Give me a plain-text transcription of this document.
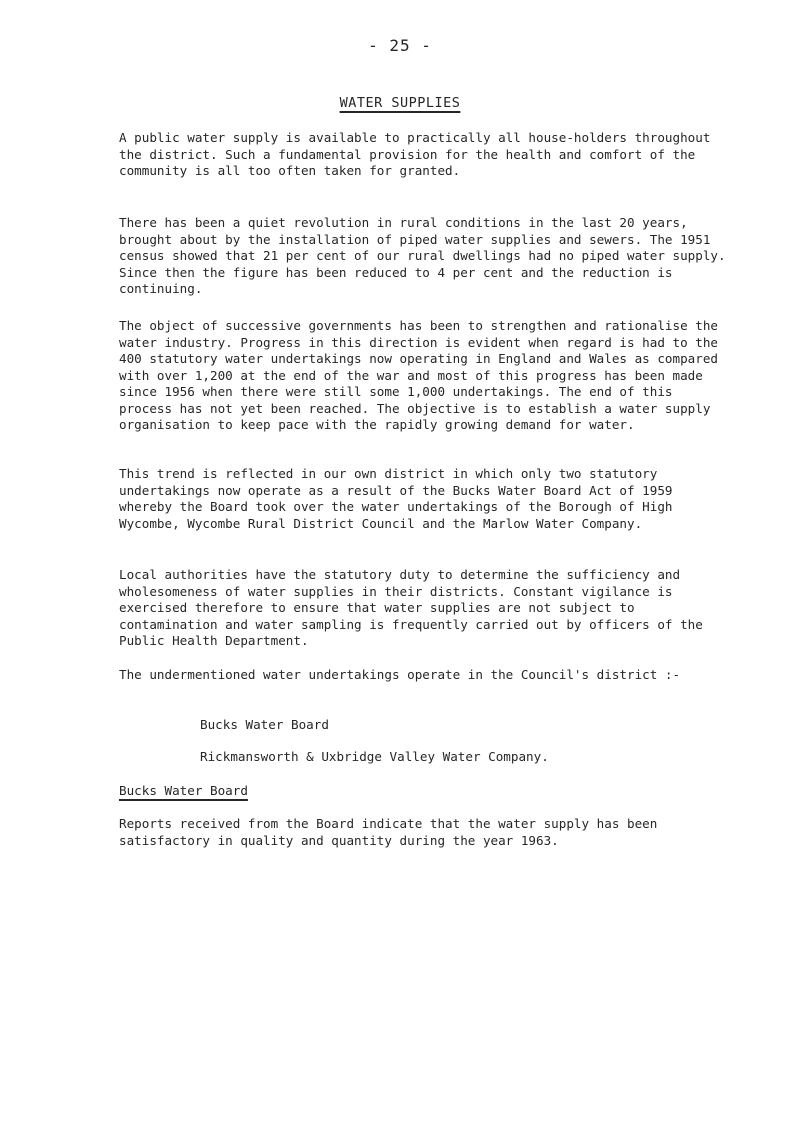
- 25 -
WATER SUPPLIES

A public water supply is available to practically all house-holders throughout the district. Such a fundamental provision for the health and comfort of the community is all too often taken for granted.

There has been a quiet revolution in rural conditions in the last 20 years, brought about by the installation of piped water supplies and sewers. The 1951 census showed that 21 per cent of our rural dwellings had no piped water supply. Since then the figure has been reduced to 4 per cent and the reduction is continuing.

The object of successive governments has been to strengthen and rationalise the water industry. Progress in this direction is evident when regard is had to the 400 statutory water undertakings now operating in England and Wales as compared with over 1,200 at the end of the war and most of this progress has been made since 1956 when there were still some 1,000 undertakings. The end of this process has not yet been reached. The objective is to establish a water supply organisation to keep pace with the rapidly growing demand for water.

This trend is reflected in our own district in which only two statutory undertakings now operate as a result of the Bucks Water Board Act of 1959 whereby the Board took over the water undertakings of the Borough of High Wycombe, Wycombe Rural District Council and the Marlow Water Company.

Local authorities have the statutory duty to determine the sufficiency and wholesomeness of water supplies in their districts. Constant vigilance is exercised therefore to ensure that water supplies are not subject to contamination and water sampling is frequently carried out by officers of the Public Health Department.

The undermentioned water undertakings operate in the Council's district :-

Bucks Water Board

Rickmansworth & Uxbridge Valley Water Company.

Bucks Water Board

Reports received from the Board indicate that the water supply has been satisfactory in quality and quantity during the year 1963.
